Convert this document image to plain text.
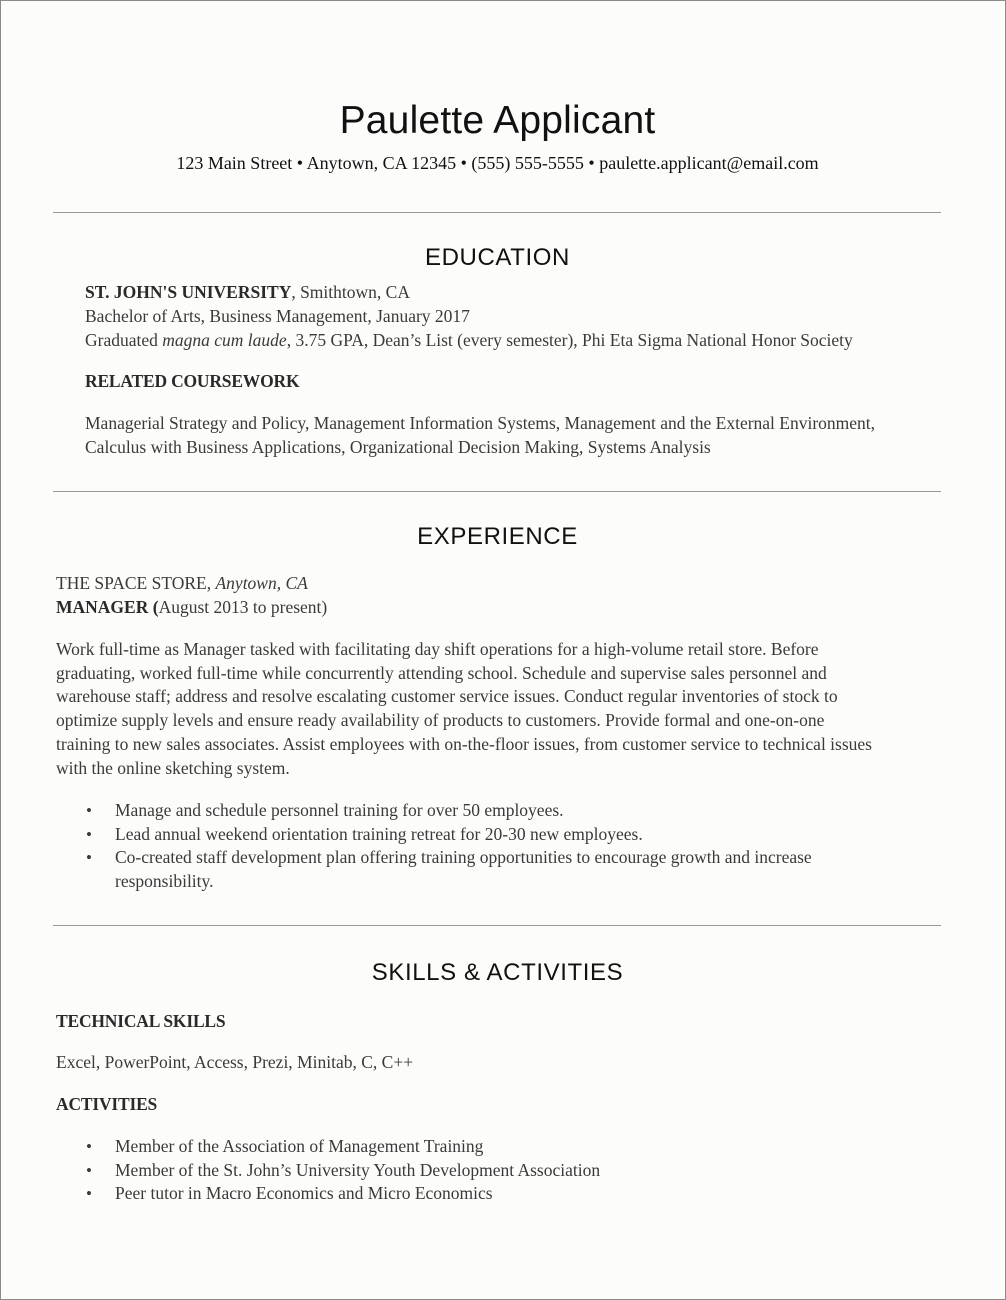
Paulette Applicant
123 Main Street • Anytown, CA 12345 • (555) 555-5555 • paulette.applicant@email.com
EDUCATION
ST. JOHN'S UNIVERSITY, Smithtown, CA
Bachelor of Arts, Business Management, January 2017
Graduated magna cum laude, 3.75 GPA, Dean’s List (every semester), Phi Eta Sigma National Honor Society
RELATED COURSEWORK
Managerial Strategy and Policy, Management Information Systems, Management and the External Environment,
Calculus with Business Applications, Organizational Decision Making, Systems Analysis
EXPERIENCE
THE SPACE STORE, Anytown, CA
MANAGER (August 2013 to present)
Work full-time as Manager tasked with facilitating day shift operations for a high-volume retail store. Before
graduating, worked full-time while concurrently attending school. Schedule and supervise sales personnel and
warehouse staff; address and resolve escalating customer service issues. Conduct regular inventories of stock to
optimize supply levels and ensure ready availability of products to customers. Provide formal and one-on-one
training to new sales associates. Assist employees with on-the-floor issues, from customer service to technical issues
with the online sketching system.
• Manage and schedule personnel training for over 50 employees.
• Lead annual weekend orientation training retreat for 20-30 new employees.
• Co-created staff development plan offering training opportunities to encourage growth and increase
responsibility.
SKILLS & ACTIVITIES
TECHNICAL SKILLS
Excel, PowerPoint, Access, Prezi, Minitab, C, C++
ACTIVITIES
• Member of the Association of Management Training
• Member of the St. John’s University Youth Development Association
• Peer tutor in Macro Economics and Micro Economics
